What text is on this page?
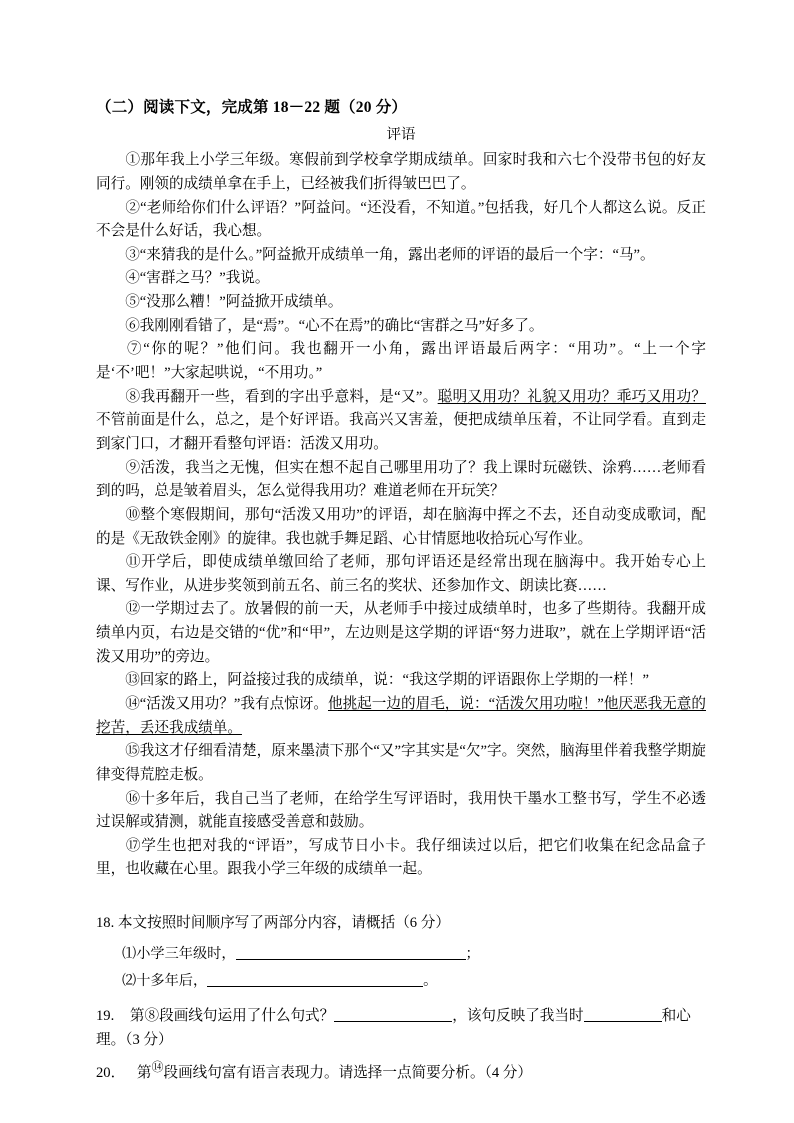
（二）阅读下文，完成第 18－22 题（20 分）
评语

①那年我上小学三年级。寒假前到学校拿学期成绩单。回家时我和六七个没带书包的好友同行。刚领的成绩单拿在手上，已经被我们折得皱巴巴了。

②“老师给你们什么评语？”阿益问。“还没看，不知道。”包括我，好几个人都这么说。反正不会是什么好话，我心想。

③“来猜我的是什么。”阿益掀开成绩单一角，露出老师的评语的最后一个字：“马”。

④“害群之马？”我说。

⑤“没那么糟！”阿益掀开成绩单。

⑥我刚刚看错了，是“焉”。“心不在焉”的确比“害群之马”好多了。

⑦“你的呢？”他们问。我也翻开一小角，露出评语最后两字：“用功”。“上一个字是‘不’吧！”大家起哄说，“不用功。”

⑧我再翻开一些，看到的字出乎意料，是“又”。聪明又用功？礼貌又用功？乖巧又用功？不管前面是什么，总之，是个好评语。我高兴又害羞，便把成绩单压着，不让同学看。直到走到家门口，才翻开看整句评语：活泼又用功。

⑨活泼，我当之无愧，但实在想不起自己哪里用功了？我上课时玩磁铁、涂鸦……老师看到的吗，总是皱着眉头，怎么觉得我用功？难道老师在开玩笑？

⑩整个寒假期间，那句“活泼又用功”的评语，却在脑海中挥之不去，还自动变成歌词，配的是《无敌铁金刚》的旋律。我也就手舞足蹈、心甘情愿地收拾玩心写作业。

⑪开学后，即使成绩单缴回给了老师，那句评语还是经常出现在脑海中。我开始专心上课、写作业，从进步奖领到前五名、前三名的奖状、还参加作文、朗读比赛……

⑫一学期过去了。放暑假的前一天，从老师手中接过成绩单时，也多了些期待。我翻开成绩单内页，右边是交错的“优”和“甲”，左边则是这学期的评语“努力进取”，就在上学期评语“活泼又用功”的旁边。

⑬回家的路上，阿益接过我的成绩单，说：“我这学期的评语跟你上学期的一样！”

⑭“活泼又用功？”我有点惊讶。他挑起一边的眉毛，说：“活泼欠用功啦！”他厌恶我无意的挖苦，丢还我成绩单。

⑮我这才仔细看清楚，原来墨渍下那个“又”字其实是“欠”字。突然，脑海里伴着我整学期旋律变得荒腔走板。

⑯十多年后，我自己当了老师，在给学生写评语时，我用快干墨水工整书写，学生不必透过误解或猜测，就能直接感受善意和鼓励。

⑰学生也把对我的“评语”，写成节日小卡。我仔细读过以后，把它们收集在纪念品盒子里，也收藏在心里。跟我小学三年级的成绩单一起。

18. 本文按照时间顺序写了两部分内容，请概括（6 分）

⑴小学三年级时，	；

⑵十多年后，	。

19. 第⑧段画线句运用了什么句式？	，该句反映了我当时	和心理。（3 分）

20． 第⑭段画线句富有语言表现力。请选择一点简要分析。（4 分）
